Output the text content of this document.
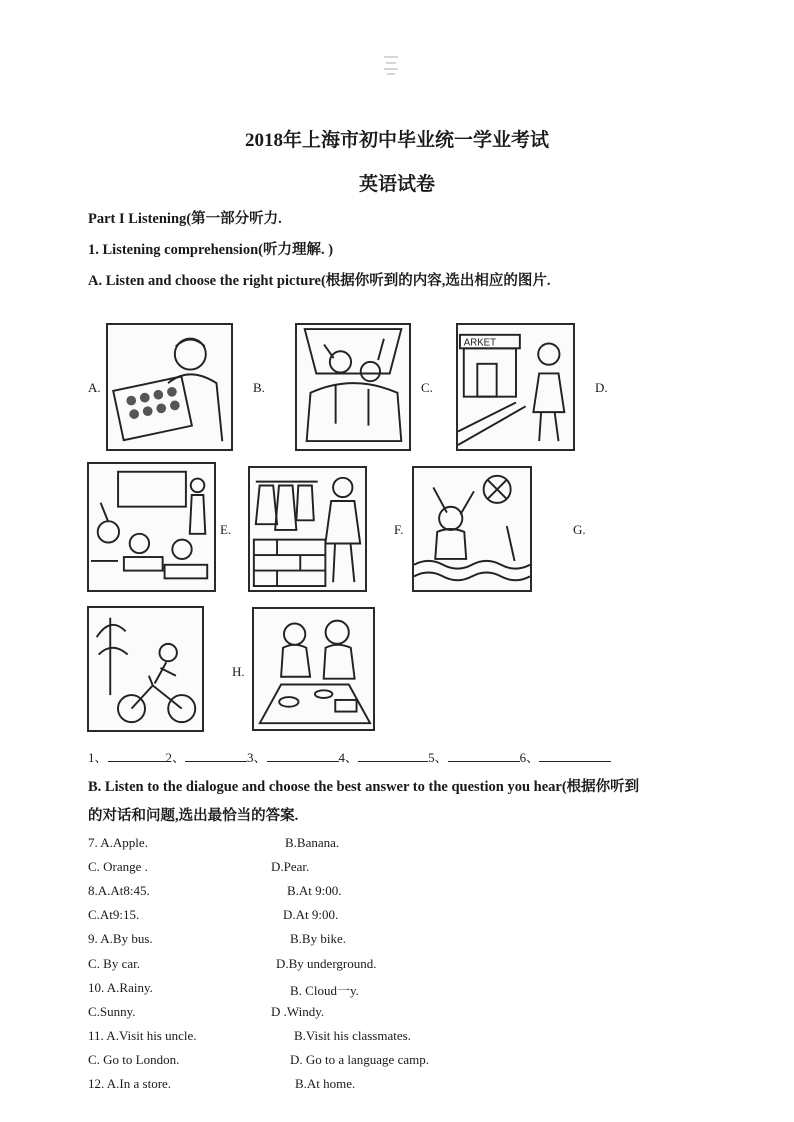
2018年上海市初中毕业统一学业考试
英语试卷
Part I Listening(第一部分听力.
1. Listening comprehension(听力理解. )
A. Listen and choose the right picture(根据你听到的内容,选出相应的图片.
A.	B.	C.
ARKET
D.
E.	F.	G.
H.
1、	2、	3、	4、	5、	6、
B. Listen to the dialogue and choose the best answer to the question you hear(根据你听到
的对话和问题,选出最恰当的答案.
7. A.Apple.	B.Banana.
C. Orange .	D.Pear.
8.A.At8:45.	B.At 9:00.
C.At9:15.	D.At 9:00.
9. A.By bus.	B.By bike.
C. By car.	D.By underground.
10. A.Rainy.	B. Cloud一y.
C.Sunny.	D .Windy.
11. A.Visit his uncle.	B.Visit his classmates.
C. Go to London.	D. Go to a language camp.
12. A.In a store.	B.At home.
